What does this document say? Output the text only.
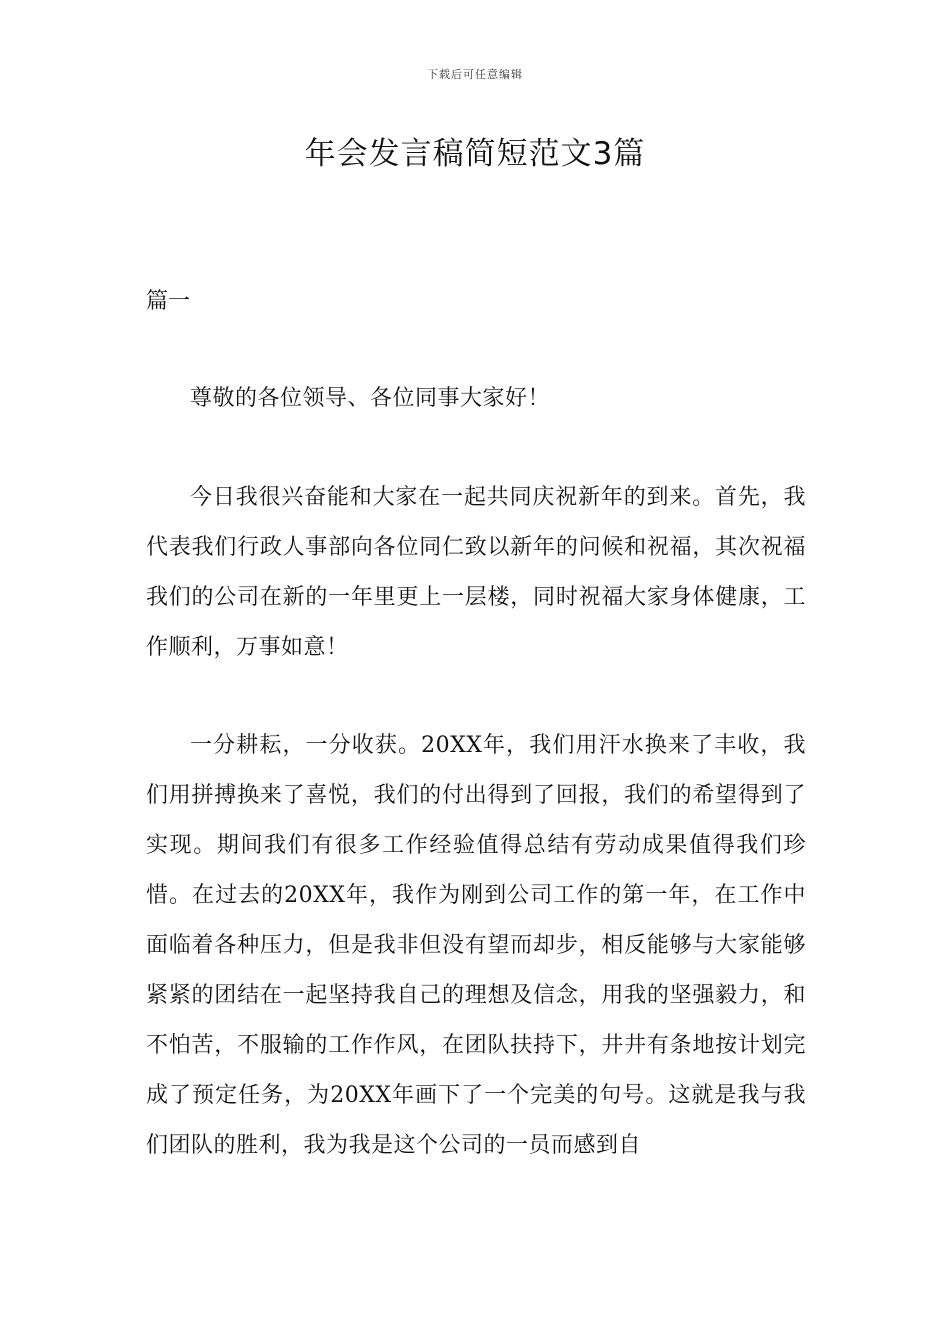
下载后可任意编辑
年会发言稿简短范文3篇
篇一

尊敬的各位领导、各位同事大家好！

今日我很兴奋能和大家在一起共同庆祝新年的到来。首先，我代表我们行政人事部向各位同仁致以新年的问候和祝福，其次祝福我们的公司在新的一年里更上一层楼，同时祝福大家身体健康，工作顺利，万事如意！

一分耕耘，一分收获。20XX年，我们用汗水换来了丰收，我们用拼搏换来了喜悦，我们的付出得到了回报，我们的希望得到了实现。期间我们有很多工作经验值得总结有劳动成果值得我们珍惜。在过去的20XX年，我作为刚到公司工作的第一年，在工作中面临着各种压力，但是我非但没有望而却步，相反能够与大家能够紧紧的团结在一起坚持我自己的理想及信念，用我的坚强毅力，和不怕苦，不服输的工作作风，在团队扶持下，井井有条地按计划完成了预定任务，为20XX年画下了一个完美的句号。这就是我与我们团队的胜利，我为我是这个公司的一员而感到自
